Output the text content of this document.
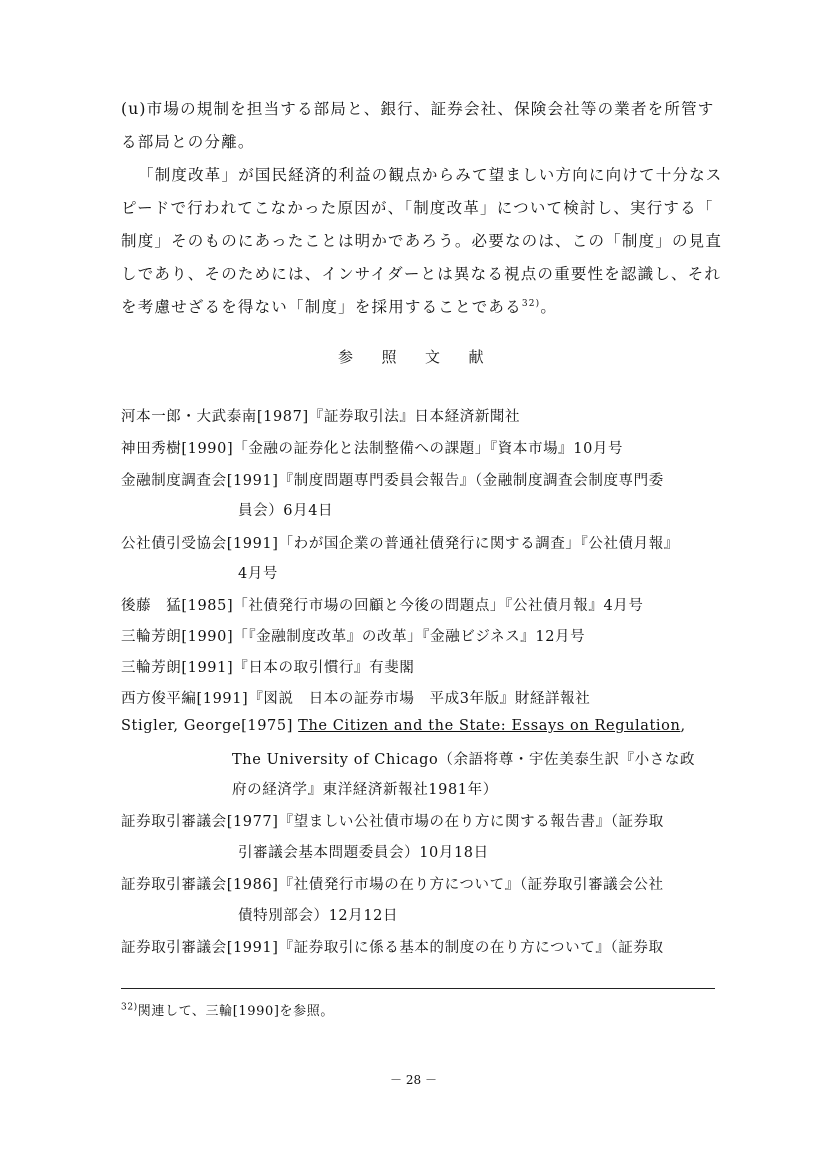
(u)市場の規制を担当する部局と、銀行、証券会社、保険会社等の業者を所管す
る部局との分離。
「制度改革」が国民経済的利益の観点からみて望ましい方向に向けて十分なス
ピードで行われてこなかった原因が、「制度改革」について検討し、実行する「
制度」そのものにあったことは明かであろう。必要なのは、この「制度」の見直
しであり、そのためには、インサイダーとは異なる視点の重要性を認識し、それ
を考慮せざるを得ない「制度」を採用することである$^{32)}$。
参 照 文 献
河本一郎・大武泰南[1987]『証券取引法』日本経済新聞社
神田秀樹[1990]「金融の証券化と法制整備への課題」『資本市場』10月号
金融制度調査会[1991]『制度問題専門委員会報告』（金融制度調査会制度専門委
員会）6月4日
公社債引受協会[1991]「わが国企業の普通社債発行に関する調査」『公社債月報』
4月号
後藤　猛[1985]「社債発行市場の回顧と今後の問題点」『公社債月報』4月号
三輪芳朗[1990]「『金融制度改革』の改革」『金融ビジネス』12月号
三輪芳朗[1991]『日本の取引慣行』有斐閣
西方俊平編[1991]『図説　日本の証券市場　平成3年版』財経詳報社
Stigler, George[1975] The Citizen and the State: Essays on Regulation,
The University of Chicago（余語将尊・宇佐美泰生訳『小さな政
府の経済学』東洋経済新報社1981年）
証券取引審議会[1977]『望ましい公社債市場の在り方に関する報告書』（証券取
引審議会基本問題委員会）10月18日
証券取引審議会[1986]『社債発行市場の在り方について』（証券取引審議会公社
債特別部会）12月12日
証券取引審議会[1991]『証券取引に係る基本的制度の在り方について』（証券取
$^{32)}$関連して、三輪[1990]を参照。
－ 28 －
